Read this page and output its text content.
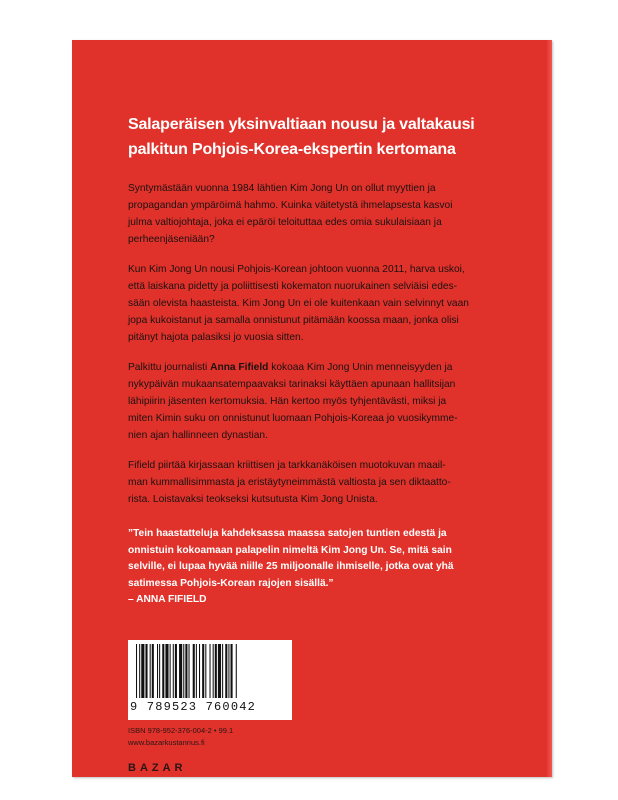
Salaperäisen yksinvaltiaan nousu ja valtakausi
palkitun Pohjois-Korea-ekspertin kertomana

Syntymästään vuonna 1984 lähtien Kim Jong Un on ollut myyttien ja
propagandan ympäröimä hahmo. Kuinka väitetystä ihmelapsesta kasvoi
julma valtiojohtaja, joka ei epäröi teloituttaa edes omia sukulaisiaan ja
perheenjäseniään?

Kun Kim Jong Un nousi Pohjois-Korean johtoon vuonna 2011, harva uskoi,
että laiskana pidetty ja poliittisesti kokematon nuorukainen selviäisi edes-
sään olevista haasteista. Kim Jong Un ei ole kuitenkaan vain selvinnyt vaan
jopa kukoistanut ja samalla onnistunut pitämään koossa maan, jonka olisi
pitänyt hajota palasiksi jo vuosia sitten.

Palkittu journalisti Anna Fifield kokoaa Kim Jong Unin menneisyyden ja
nykypäivän mukaansatempaavaksi tarinaksi käyttäen apunaan hallitsijan
lähipiirin jäsenten kertomuksia. Hän kertoo myös tyhjentävästi, miksi ja
miten Kimin suku on onnistunut luomaan Pohjois-Koreaa jo vuosikymme-
nien ajan hallinneen dynastian.

Fifield piirtää kirjassaan kriittisen ja tarkkanäköisen muotokuvan maail-
man kummallisimmasta ja eristäytyneimmästä valtiosta ja sen diktaatto-
rista. Loistavaksi teokseksi kutsutusta Kim Jong Unista.

”Tein haastatteluja kahdeksassa maassa satojen tuntien edestä ja
onnistuin kokoamaan palapelin nimeltä Kim Jong Un. Se, mitä sain
selville, ei lupaa hyvää niille 25 miljoonalle ihmiselle, jotka ovat yhä
satimessa Pohjois-Korean rajojen sisällä.”
– ANNA FIFIELD
9 789523 760042
ISBN 978-952-376-004-2 • 99.1
www.bazarkustannus.fi
BAZAR
